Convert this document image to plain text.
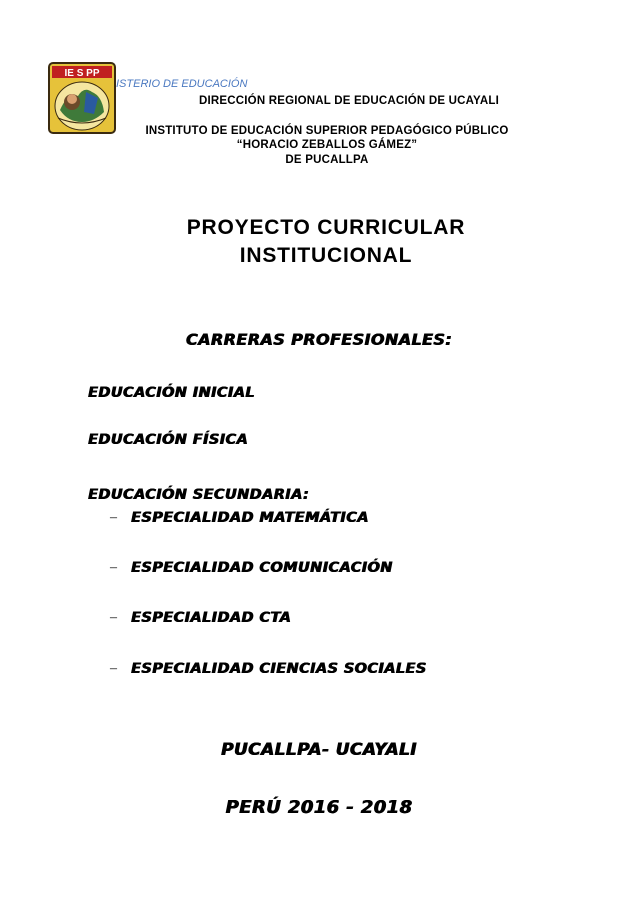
IE S PP
ISTERIO DE EDUCACIÓN
DIRECCIÓN REGIONAL DE EDUCACIÓN DE UCAYALI
INSTITUTO DE EDUCACIÓN SUPERIOR PEDAGÓGICO PÚBLICO
“HORACIO ZEBALLOS GÁMEZ”
DE PUCALLPA
PROYECTO CURRICULAR
INSTITUCIONAL
CARRERAS PROFESIONALES:
EDUCACIÓN INICIAL
EDUCACIÓN FÍSICA
EDUCACIÓN SECUNDARIA:
– ESPECIALIDAD MATEMÁTICA
– ESPECIALIDAD COMUNICACIÓN
– ESPECIALIDAD CTA
– ESPECIALIDAD CIENCIAS SOCIALES
PUCALLPA- UCAYALI
PERÚ 2016 - 2018
